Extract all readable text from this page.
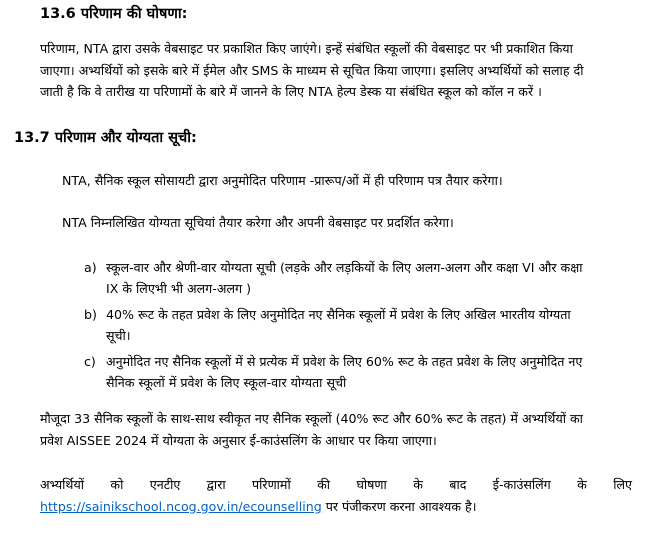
13.6 परिणाम की घोषणा:
परिणाम, NTA द्वारा उसके वेबसाइट पर प्रकाशित किए जाएंगे। इन्हें संबंधित स्कूलों की वेबसाइट पर भी प्रकाशित किया
जाएगा। अभ्यर्थियों को इसके बारे में ईमेल और SMS के माध्यम से सूचित किया जाएगा। इसलिए अभ्यर्थियों को सलाह दी
जाती है कि वे तारीख या परिणामों के बारे में जानने के लिए NTA हेल्प डेस्क या संबंधित स्कूल को कॉल न करें ।
13.7 परिणाम और योग्यता सूची:
NTA, सैनिक स्कूल सोसायटी द्वारा अनुमोदित परिणाम -प्रारूप/ओं में ही परिणाम पत्र तैयार करेगा।
NTA निम्नलिखित योग्यता सूचियां तैयार करेगा और अपनी वेबसाइट पर प्रदर्शित करेगा।
a) स्कूल-वार और श्रेणी-वार योग्यता सूची (लड़के और लड़कियों के लिए अलग-अलग और कक्षा VI और कक्षा
IX के लिएभी भी अलग-अलग )
b) 40% रूट के तहत प्रवेश के लिए अनुमोदित नए सैनिक स्कूलों में प्रवेश के लिए अखिल भारतीय योग्यता
सूची।
c) अनुमोदित नए सैनिक स्कूलों में से प्रत्येक में प्रवेश के लिए 60% रूट के तहत प्रवेश के लिए अनुमोदित नए
सैनिक स्कूलों में प्रवेश के लिए स्कूल-वार योग्यता सूची
मौजूदा 33 सैनिक स्कूलों के साथ-साथ स्वीकृत नए सैनिक स्कूलों (40% रूट और 60% रूट के तहत) में अभ्यर्थियों का
प्रवेश AISSEE 2024 में योग्यता के अनुसार ई-काउंसलिंग के आधार पर किया जाएगा।
अभ्यर्थियों को एनटीए द्वारा परिणामों की घोषणा के बाद ई-काउंसलिंग के लिए
https://sainikschool.ncog.gov.in/ecounselling पर पंजीकरण करना आवश्यक है।
